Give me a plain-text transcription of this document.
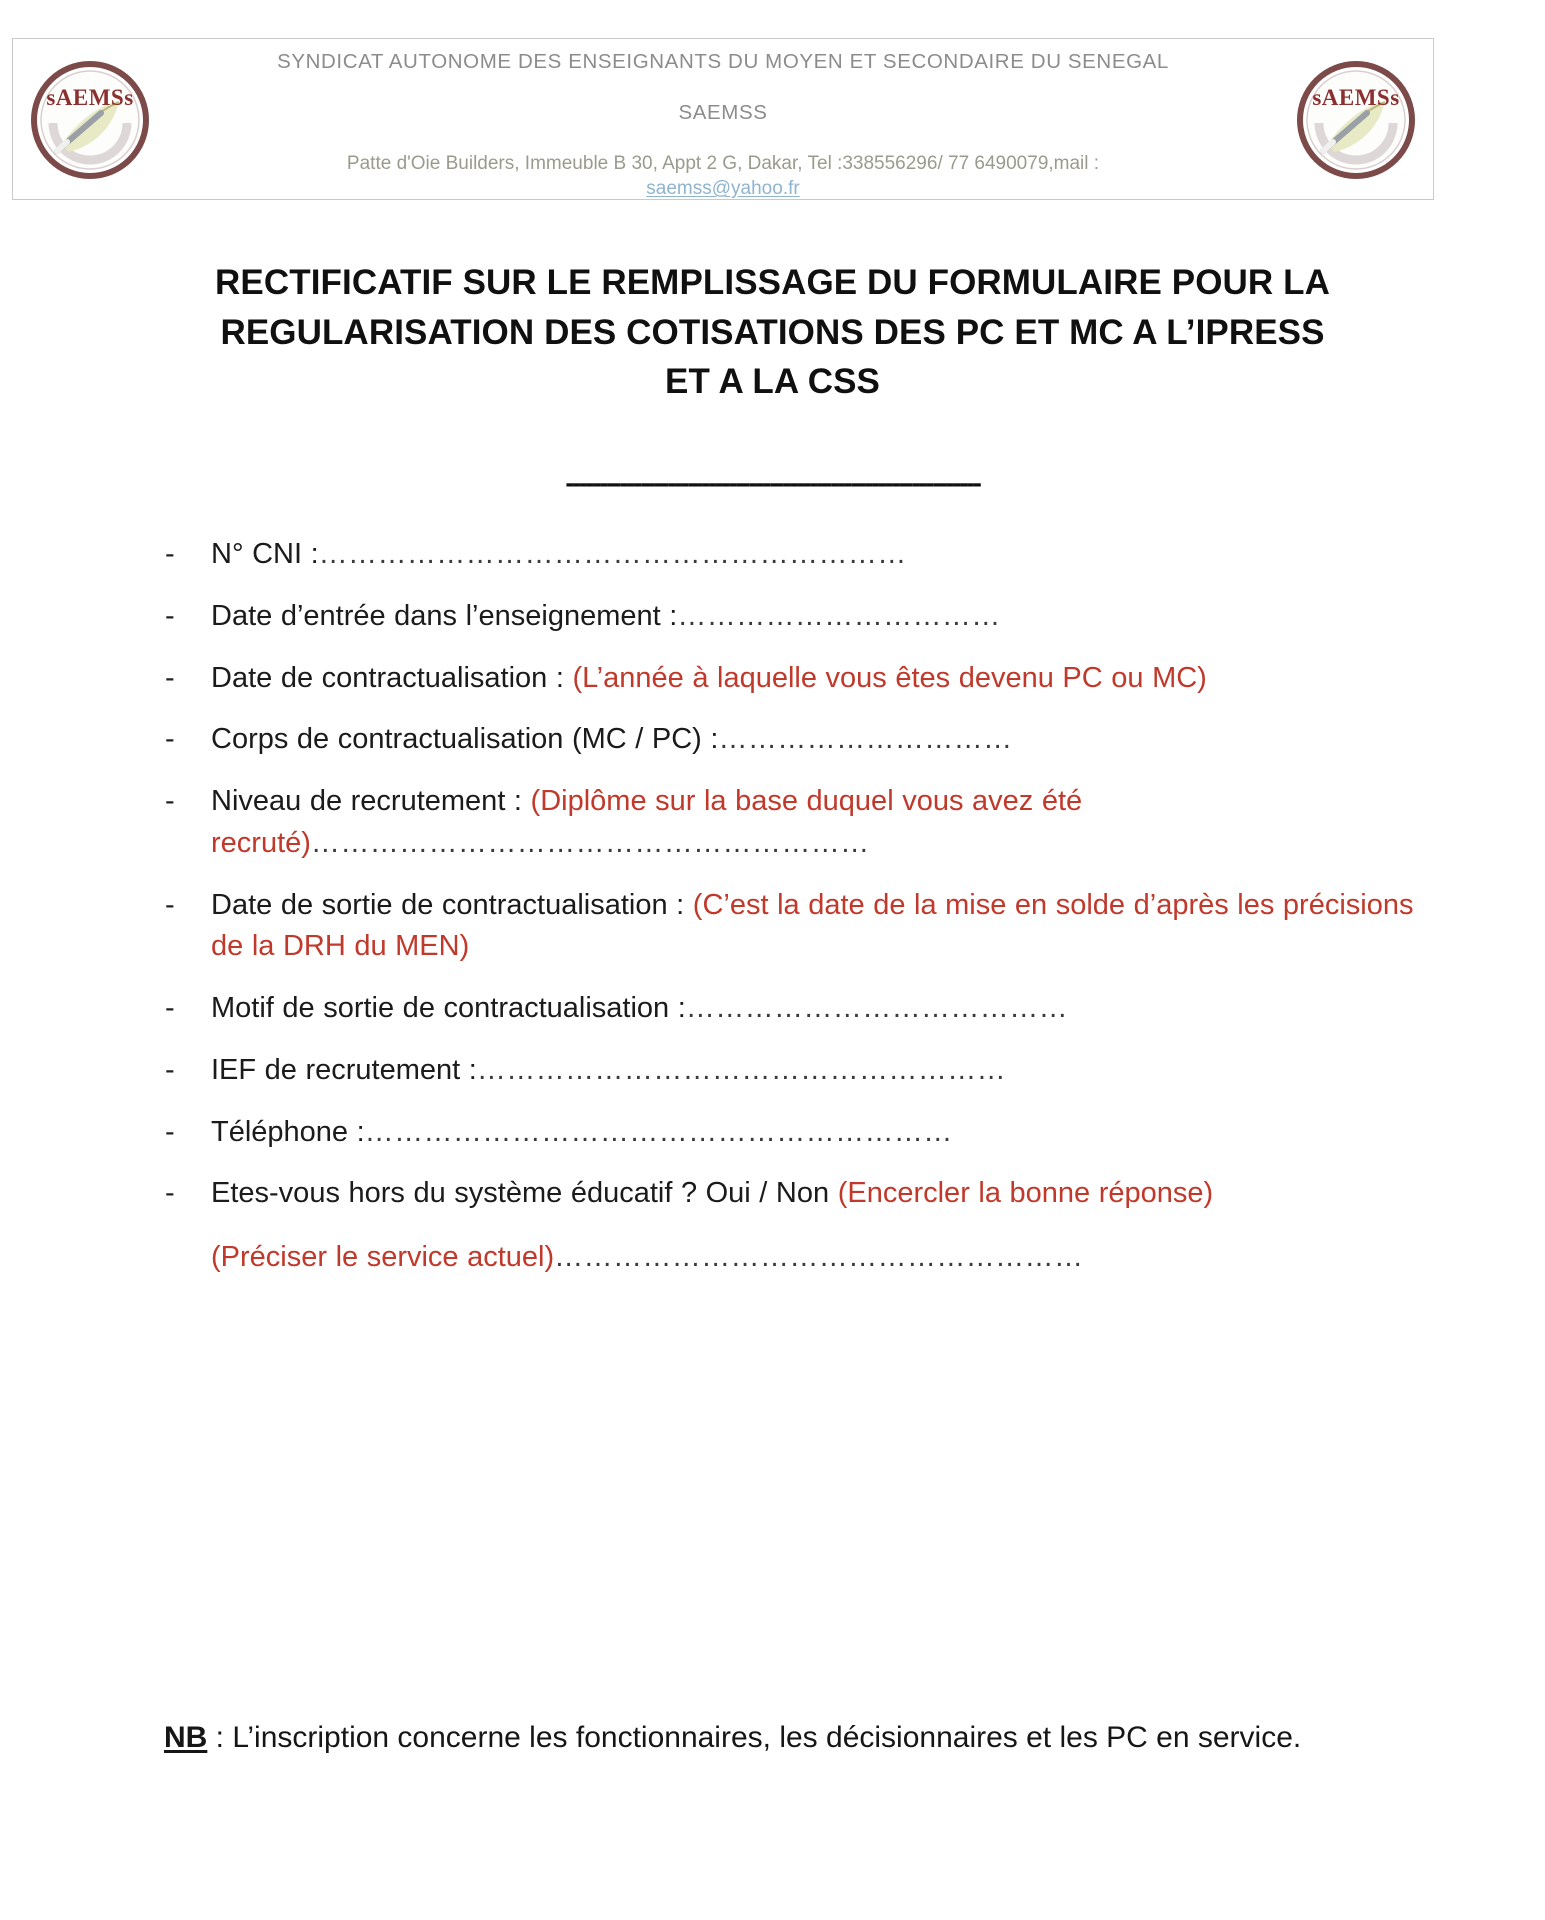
sAEMSs	sAEMSs
SYNDICAT AUTONOME DES ENSEIGNANTS DU MOYEN ET SECONDAIRE DU SENEGAL
SAEMSS
Patte d'Oie Builders, Immeuble B 30, Appt 2 G, Dakar, Tel :338556296/ 77 6490079,mail :
saemss@yahoo.fr
RECTIFICATIF SUR LE REMPLISSAGE DU FORMULAIRE POUR LA
REGULARISATION DES COTISATIONS DES PC ET MC A L’IPRESS
ET A LA CSS
-------------------------------------------------------------
-	N° CNI :……………………………………………………
-	Date d’entrée dans l’enseignement :……………………………
-	Date de contractualisation : (L’année à laquelle vous êtes devenu PC ou MC)
-	Corps de contractualisation (MC / PC) :…………………………
-	Niveau de recrutement : (Diplôme sur la base duquel vous avez été recruté)…………………………………………………
-	Date de sortie de contractualisation : (C’est la date de la mise en solde d’après les précisions de la DRH du MEN)
-	Motif de sortie de contractualisation :…………………………………
-	IEF de recrutement :………………………………………………
-	Téléphone :……………………………………………………
-	Etes-vous hors du système éducatif ? Oui / Non (Encercler la bonne réponse)
(Préciser le service actuel)………………………………………………
NB : L’inscription concerne les fonctionnaires, les décisionnaires et les PC en service.
